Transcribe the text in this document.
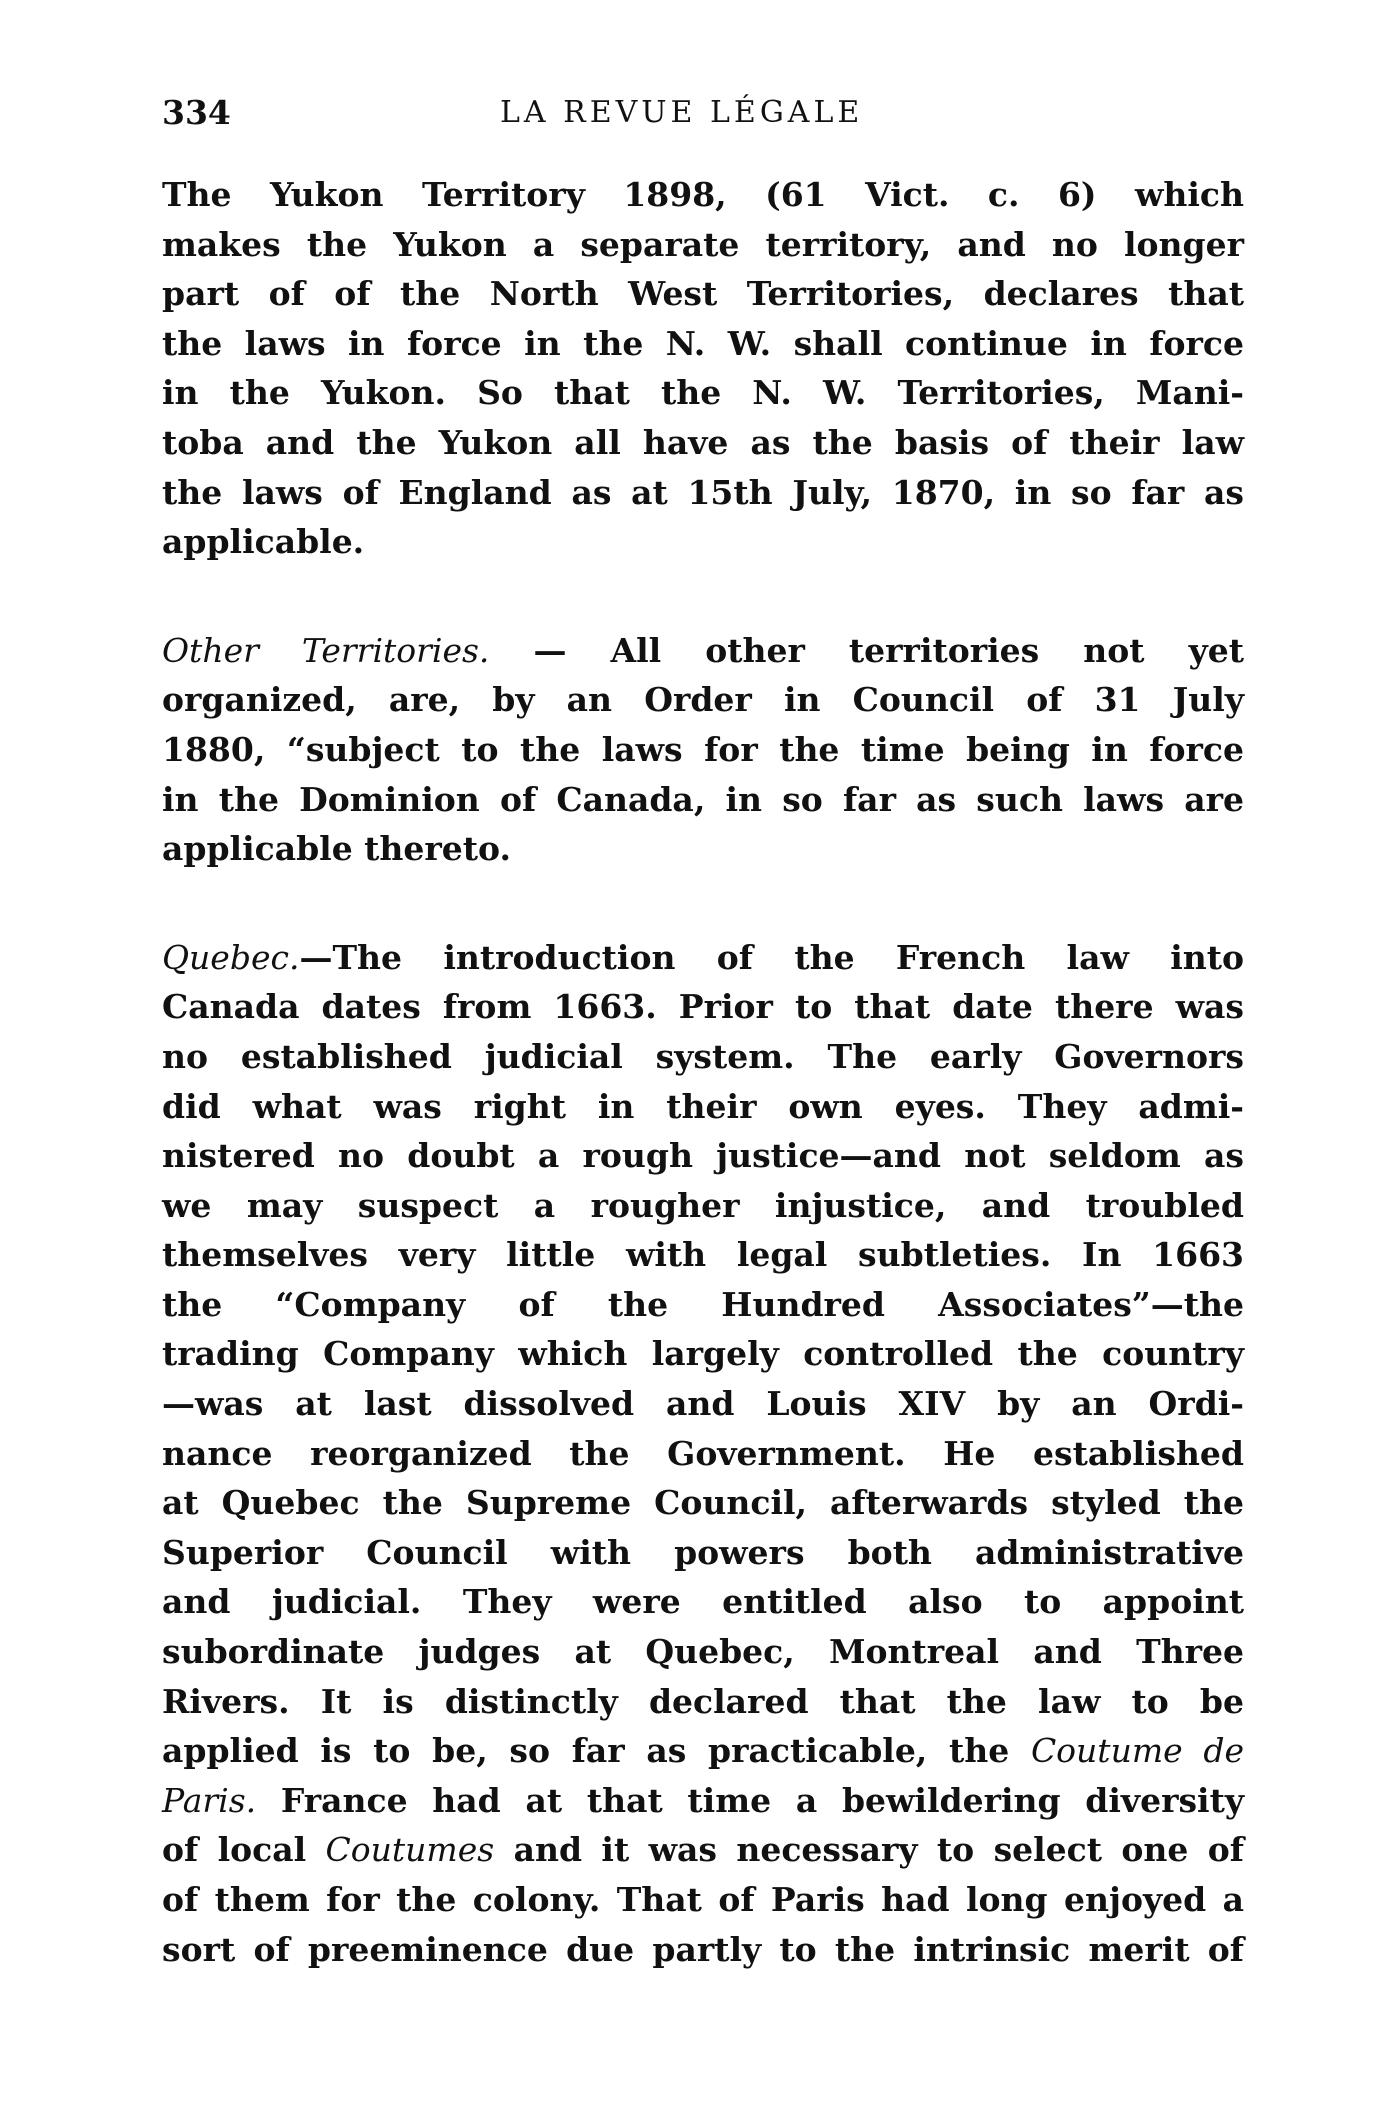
334	LA REVUE LÉGALE
The Yukon Territory 1898, (61 Vict. c. 6) which
makes the Yukon a separate territory, and no longer
part of of the North West Territories, declares that
the laws in force in the N. W. shall continue in force
in the Yukon. So that the N. W. Territories, Mani-
toba and the Yukon all have as the basis of their law
the laws of England as at 15th July, 1870, in so far as
applicable.
Other Territories. — All other territories not yet
organized, are, by an Order in Council of 31 July
1880, “subject to the laws for the time being in force
in the Dominion of Canada, in so far as such laws are
applicable thereto.
Quebec.—The introduction of the French law into
Canada dates from 1663. Prior to that date there was
no established judicial system. The early Governors
did what was right in their own eyes. They admi-
nistered no doubt a rough justice—and not seldom as
we may suspect a rougher injustice, and troubled
themselves very little with legal subtleties. In 1663
the “Company of the Hundred Associates”—the
trading Company which largely controlled the country
—was at last dissolved and Louis XIV by an Ordi-
nance reorganized the Government. He established
at Quebec the Supreme Council, afterwards styled the
Superior Council with powers both administrative
and judicial. They were entitled also to appoint
subordinate judges at Quebec, Montreal and Three
Rivers. It is distinctly declared that the law to be
applied is to be, so far as practicable, the Coutume de
Paris. France had at that time a bewildering diversity
of local Coutumes and it was necessary to select one of
of them for the colony. That of Paris had long enjoyed a
sort of preeminence due partly to the intrinsic merit of
